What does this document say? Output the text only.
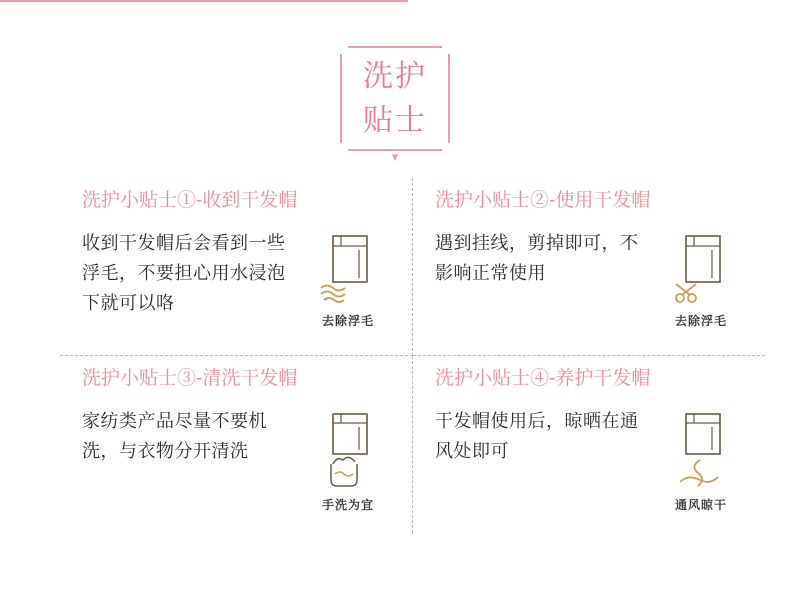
洗护
贴士
▾
洗护小贴士①-收到干发帽
收到干发帽后会看到一些浮毛，不要担心用水浸泡下就可以咯
去除浮毛
洗护小贴士②-使用干发帽
遇到挂线，剪掉即可，不影响正常使用
去除浮毛
洗护小贴士③-清洗干发帽
家纺类产品尽量不要机洗，与衣物分开清洗
手洗为宜
洗护小贴士④-养护干发帽
干发帽使用后，晾晒在通风处即可
通风晾干
